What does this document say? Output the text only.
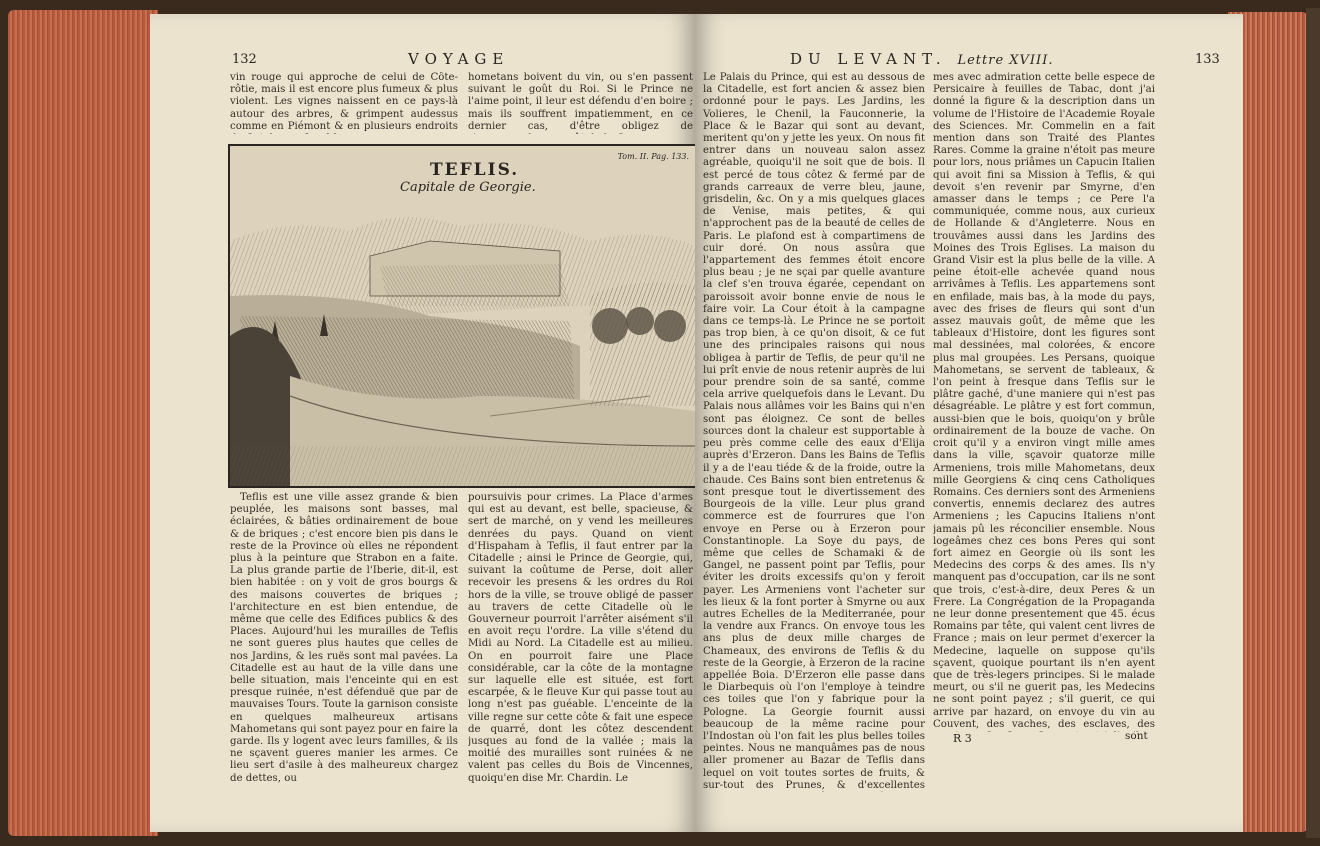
132	VOYAGE

vin rouge qui approche de celui de Côte-rôtie, mais il est encore plus fumeux & plus violent. Les vignes naissent en ce pays-là autour des arbres, & grimpent audessus comme en Piémont & en plusieurs endroits

hometans boivent du vin, ou s'en passent suivant le goût du Roi. Si le Prince ne l'aime point, il leur est défendu d'en boire ; mais ils souffrent impatiemment, en ce dernier cas, d'être obligez de

TEFLIS.
Capitale de Georgie.
Tom. II. Pag. 133.

Teflis est une ville assez grande & bien peuplée, les maisons sont basses, mal éclairées, & bâties ordinairement de boue & de briques ; c'est encore bien pis dans le reste de la Province où elles ne répondent plus à la peinture que Strabon en a faite. La plus grande partie de l'Iberie, dit-il, est bien habitée : on y voit de gros bourgs & des maisons couvertes de briques ; l'architecture en est bien entendue, de même que celle des Edifices publics & des Places. Aujourd'hui les murailles de Teflis ne sont gueres plus hautes que celles de nos Jardins, & les ruës sont mal pavées. La Citadelle est au haut de la ville dans une belle situation, mais l'enceinte qui en est presque ruinée, n'est défenduë que par de mauvaises Tours. Toute la garnison consiste en quelques malheureux artisans Mahometans qui sont payez pour en faire la garde. Ils y logent avec leurs familles, & ils ne sçavent gueres manier les armes. Ce lieu sert d'asile à des malheureux chargez de dettes, ou

poursuivis pour crimes. La Place d'armes qui est au devant, est belle, spacieuse, & sert de marché, on y vend les meilleures denrées du pays. Quand on vient d'Hispaham à Teflis, il faut entrer par la Citadelle ; ainsi le Prince de Georgie, qui, suivant la coûtume de Perse, doit aller recevoir les presens & les ordres du Roi hors de la ville, se trouve obligé de passer au travers de cette Citadelle où le Gouverneur pourroit l'arrêter aisément s'il en avoit reçu l'ordre. La ville s'étend du Midi au Nord. La Citadelle est au milieu. On en pourroit faire une Place considérable, car la côte de la montagne sur laquelle elle est située, est fort escarpée, & le fleuve Kur qui passe tout au long n'est pas guéable. L'enceinte de la ville regne sur cette côte & fait une espece de quarré, dont les côtez descendent jusques au fond de la vallée ; mais la moitié des murailles sont ruinées & ne valent pas celles du Bois de Vincennes, quoiqu'en dise Mr. Chardin. Le

DU LEVANT. Lettre XVIII.	133

Le Palais du Prince, qui est au dessous de la Citadelle, est fort ancien & assez bien ordonné pour le pays. Les Jardins, les Volieres, le Chenil, la Fauconnerie, la Place & le Bazar qui sont au devant, meritent qu'on y jette les yeux. On nous fit entrer dans un nouveau salon assez agréable, quoiqu'il ne soit que de bois. Il est percé de tous côtez & fermé par de grands carreaux de verre bleu, jaune, grisdelin, &c. On y a mis quelques glaces de Venise, mais petites, & qui n'approchent pas de la beauté de celles de Paris. Le plafond est à compartimens de cuir doré. On nous assûra que l'appartement des femmes étoit encore plus beau ; je ne sçai par quelle avanture la clef s'en trouva égarée, cependant on paroissoit avoir bonne envie de nous le faire voir. La Cour étoit à la campagne dans ce temps-là. Le Prince ne se portoit pas trop bien, à ce qu'on disoit, & ce fut une des principales raisons qui nous obligea à partir de Teflis, de peur qu'il ne lui prît envie de nous retenir auprès de lui pour prendre soin de sa santé, comme cela arrive quelquefois dans le Levant. Du Palais nous allâmes voir les Bains qui n'en sont pas éloignez. Ce sont de belles sources dont la chaleur est supportable à peu près comme celle des eaux d'Elija auprès d'Erzeron. Dans les Bains de Teflis il y a de l'eau tiéde & de la froide, outre la chaude. Ces Bains sont bien entretenus & sont presque tout le divertissement des Bourgeois de la ville. Leur plus grand commerce est de fourrures que l'on envoye en Perse ou à Erzeron pour Constantinople. La Soye du pays, de même que celles de Schamaki & de Gangel, ne passent point par Teflis, pour éviter les droits excessifs qu'on y feroit payer. Les Armeniens vont l'acheter sur les lieux & la font porter à Smyrne ou aux autres Echelles de la Mediterranée, pour la vendre aux Francs. On envoye tous les ans plus de deux mille charges de Chameaux, des environs de Teflis & du reste de la Georgie, à Erzeron de la racine appellée Boia. D'Erzeron elle passe dans le Diarbequis où l'on l'employe à teindre ces toiles que l'on y fabrique pour la Pologne. La Georgie fournit aussi beaucoup de la même racine pour l'Indostan où l'on fait les plus belles toiles peintes. Nous ne manquâmes pas de nous aller promener au Bazar de Teflis dans lequel on voit toutes sortes de fruits, & sur-tout des Prunes, & d'excellentes

mes avec admiration cette belle espece de Persicaire à feuilles de Tabac, dont j'ai donné la figure & la description dans un volume de l'Histoire de l'Academie Royale des Sciences. Mr. Commelin en a fait mention dans son Traité des Plantes Rares. Comme la graine n'étoit pas meure pour lors, nous priâmes un Capucin Italien qui avoit fini sa Mission à Teflis, & qui devoit s'en revenir par Smyrne, d'en amasser dans le temps ; ce Pere l'a communiquée, comme nous, aux curieux de Hollande & d'Angleterre. Nous en trouvâmes aussi dans les Jardins des Moines des Trois Eglises. La maison du Grand Visir est la plus belle de la ville. A peine étoit-elle achevée quand nous arrivâmes à Teflis. Les appartemens sont en enfilade, mais bas, à la mode du pays, avec des frises de fleurs qui sont d'un assez mauvais goût, de même que les tableaux d'Histoire, dont les figures sont mal dessinées, mal colorées, & encore plus mal groupées. Les Persans, quoique Mahometans, se servent de tableaux, & l'on peint à fresque dans Teflis sur le plâtre gaché, d'une maniere qui n'est pas désagréable. Le plâtre y est fort commun, aussi-bien que le bois, quoiqu'on y brûle ordinairement de la bouze de vache. On croit qu'il y a environ vingt mille ames dans la ville, sçavoir quatorze mille Armeniens, trois mille Mahometans, deux mille Georgiens & cinq cens Catholiques Romains. Ces derniers sont des Armeniens convertis, ennemis declarez des autres Armeniens ; les Capucins Italiens n'ont jamais pû les réconcilier ensemble. Nous logeâmes chez ces bons Peres qui sont fort aimez en Georgie où ils sont les Medecins des corps & des ames. Ils n'y manquent pas d'occupation, car ils ne sont que trois, c'est-à-dire, deux Peres & un Frere. La Congrégation de la Propaganda ne leur donne presentement que 45. écus Romains par tête, qui valent cent livres de France ; mais on leur permet d'exercer la Medecine, laquelle on suppose qu'ils sçavent, quoique pourtant ils n'en ayent que de très-legers principes. Si le malade meurt, ou s'il ne guerit pas, les Medecins ne sont point payez ; s'il guerit, ce qui arrive par hazard, on envoye du vin au Couvent, des vaches, des esclaves, des

R 3	sont
